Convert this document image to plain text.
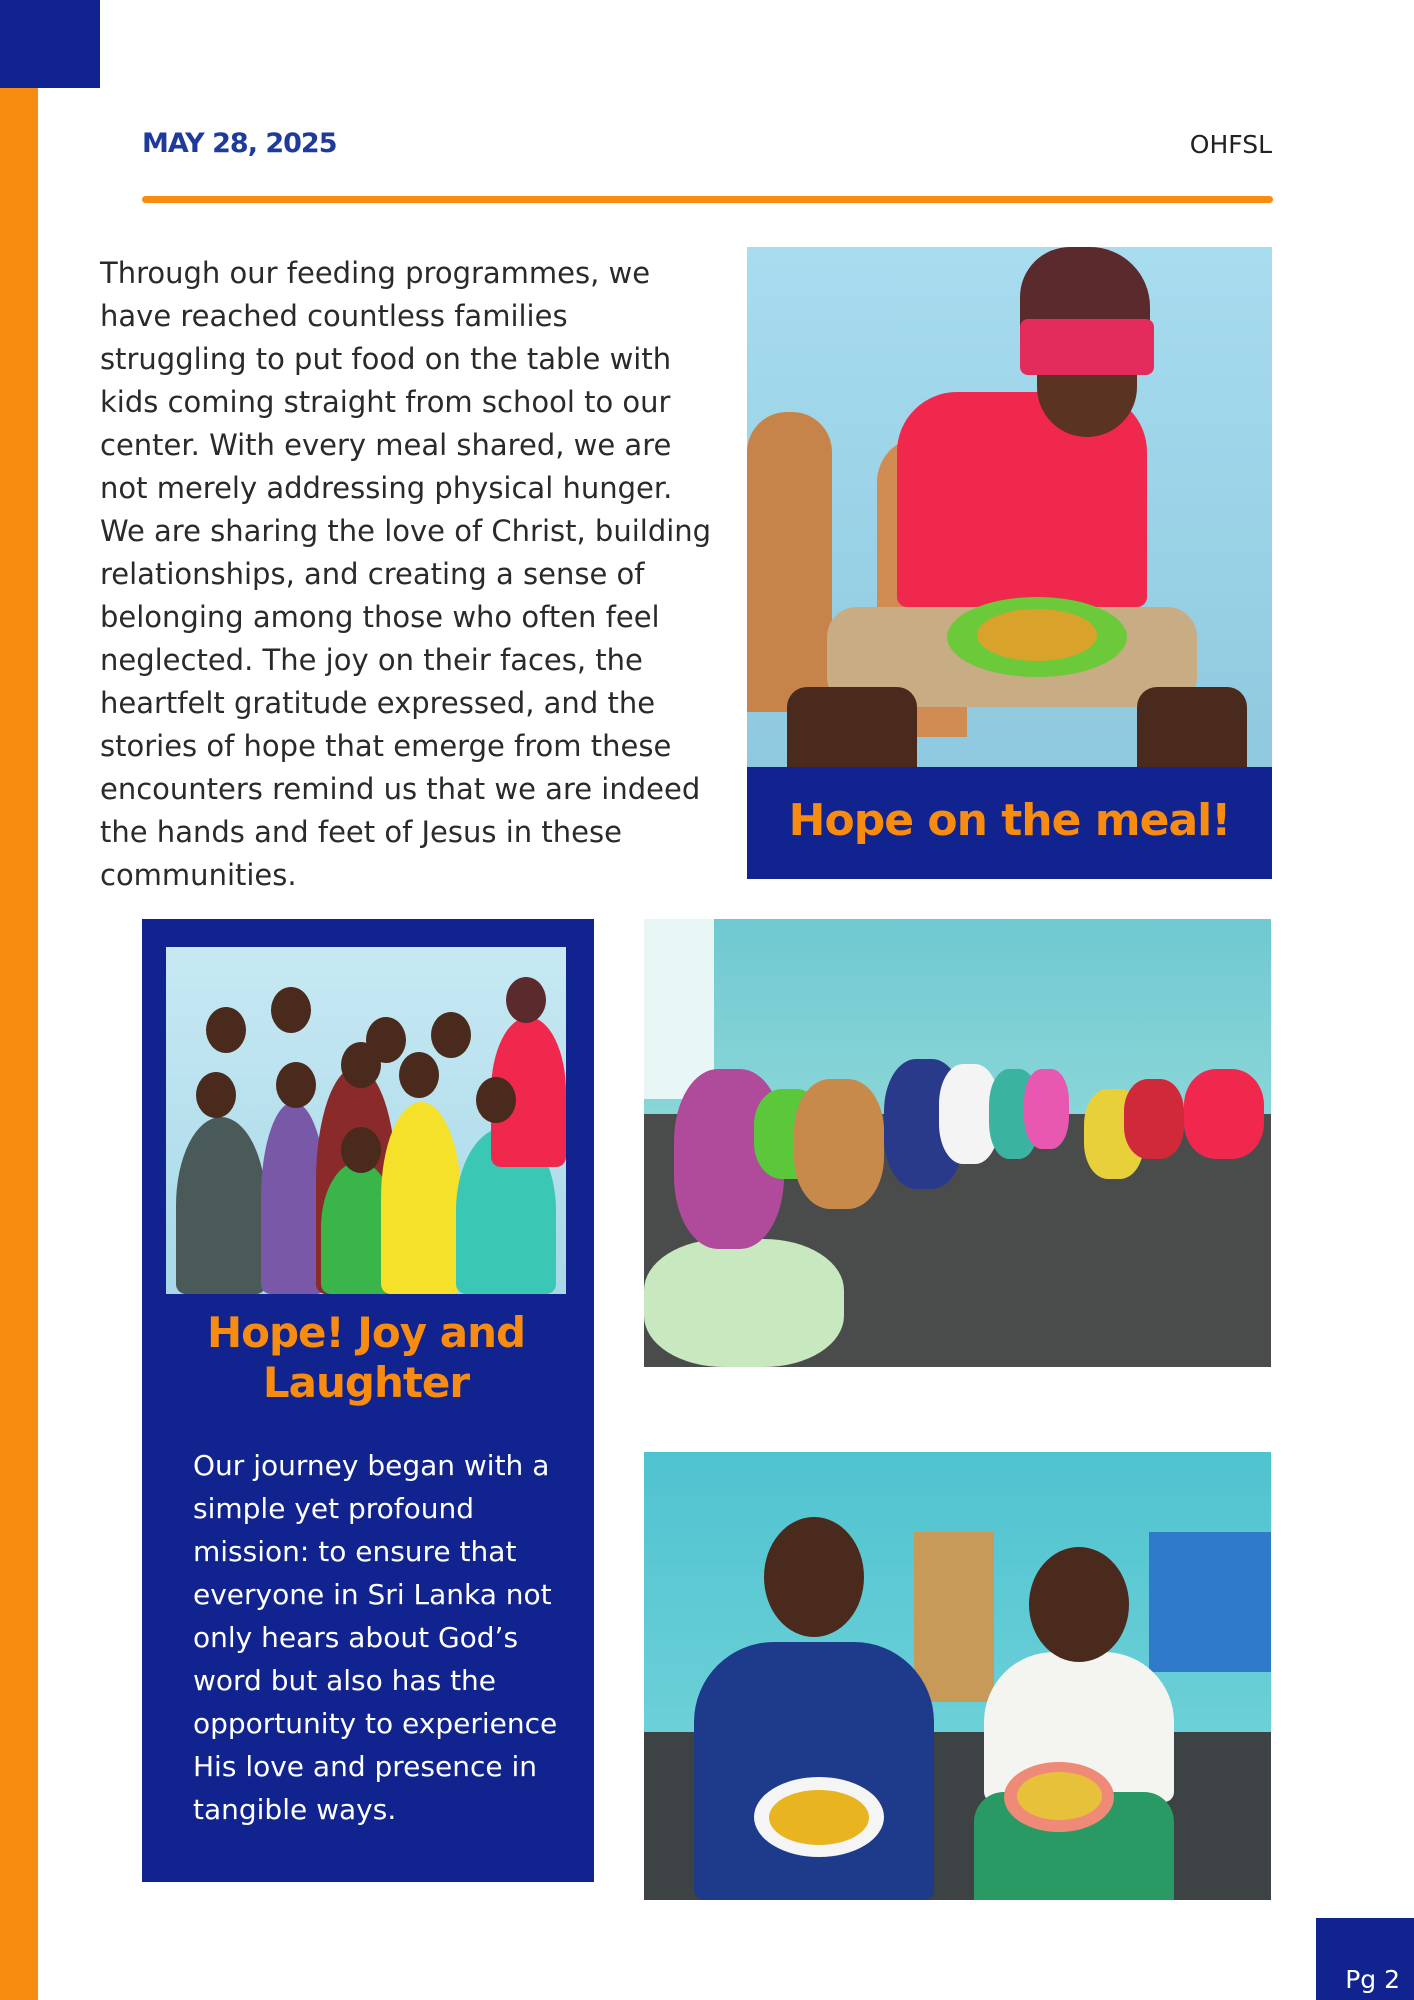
MAY 28, 2025	OHFSL
Through our feeding programmes, we have reached countless families struggling to put food on the table with kids coming straight from school to our center. With every meal shared, we are not merely addressing physical hunger. We are sharing the love of Christ, building relationships, and creating a sense of belonging among those who often feel neglected. The joy on their faces, the heartfelt gratitude expressed, and the stories of hope that emerge from these encounters remind us that we are indeed the hands and feet of Jesus in these communities.
Hope on the meal!
Hope! Joy and Laughter
Our journey began with a simple yet profound mission: to ensure that everyone in Sri Lanka not only hears about God’s word but also has the opportunity to experience His love and presence in tangible ways.
Pg 2
